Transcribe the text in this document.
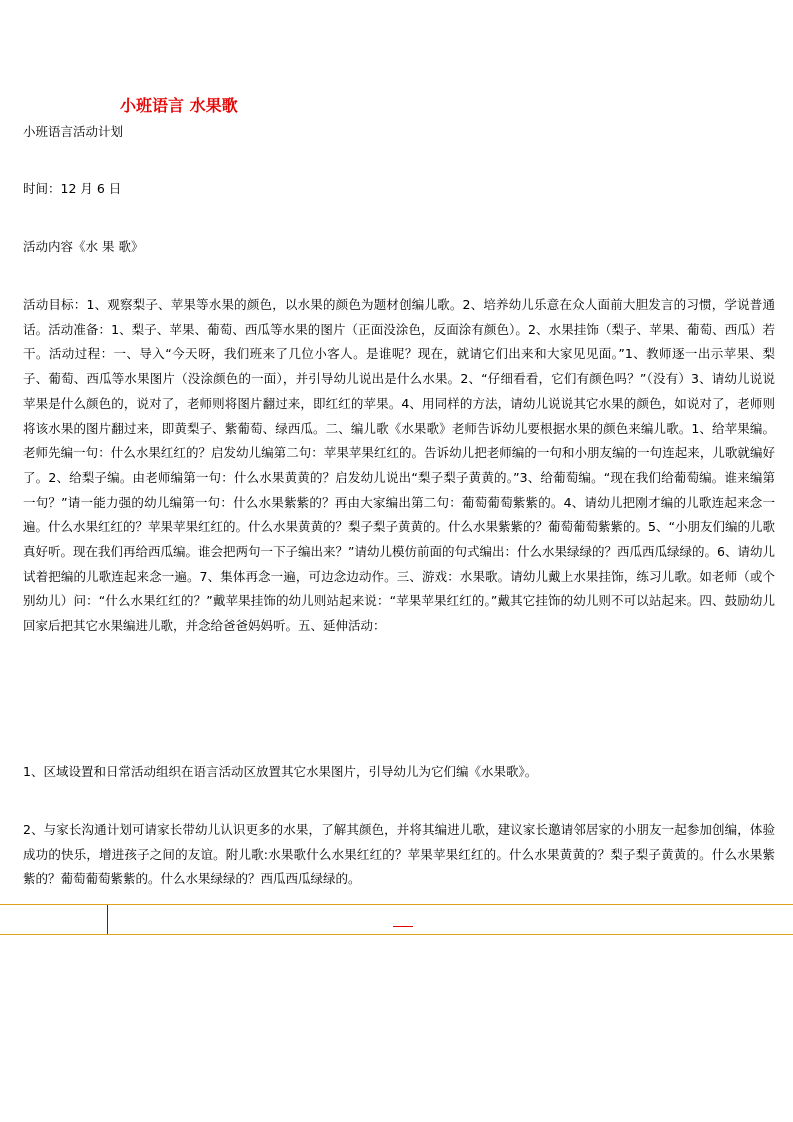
小班语言 水果歌
小班语言活动计划
时间：12 月 6 日
活动内容《水 果 歌》
活动目标：1、观察梨子、苹果等水果的颜色，以水果的颜色为题材创编儿歌。2、培养幼儿乐意在众人面前大胆发言的习惯，学说普通话。活动准备：1、梨子、苹果、葡萄、西瓜等水果的图片（正面没涂色，反面涂有颜色）。2、水果挂饰（梨子、苹果、葡萄、西瓜）若干。活动过程：一、导入“今天呀，我们班来了几位小客人。是谁呢？现在，就请它们出来和大家见见面。”1、教师逐一出示苹果、梨子、葡萄、西瓜等水果图片（没涂颜色的一面），并引导幼儿说出是什么水果。2、“仔细看看，它们有颜色吗？”（没有）3、请幼儿说说苹果是什么颜色的，说对了，老师则将图片翻过来，即红红的苹果。4、用同样的方法，请幼儿说说其它水果的颜色，如说对了，老师则将该水果的图片翻过来，即黄梨子、紫葡萄、绿西瓜。二、编儿歌《水果歌》老师告诉幼儿要根据水果的颜色来编儿歌。1、给苹果编。老师先编一句：什么水果红红的？启发幼儿编第二句：苹果苹果红红的。告诉幼儿把老师编的一句和小朋友编的一句连起来，儿歌就编好了。2、给梨子编。由老师编第一句：什么水果黄黄的？启发幼儿说出“梨子梨子黄黄的。”3、给葡萄编。“现在我们给葡萄编。谁来编第一句？”请一能力强的幼儿编第一句：什么水果紫紫的？再由大家编出第二句：葡萄葡萄紫紫的。4、请幼儿把刚才编的儿歌连起来念一遍。什么水果红红的？苹果苹果红红的。什么水果黄黄的？梨子梨子黄黄的。什么水果紫紫的？葡萄葡萄紫紫的。5、“小朋友们编的儿歌真好听。现在我们再给西瓜编。谁会把两句一下子编出来？”请幼儿模仿前面的句式编出：什么水果绿绿的？西瓜西瓜绿绿的。6、请幼儿试着把编的儿歌连起来念一遍。7、集体再念一遍，可边念边动作。三、游戏：水果歌。请幼儿戴上水果挂饰，练习儿歌。如老师（或个别幼儿）问：“什么水果红红的？”戴苹果挂饰的幼儿则站起来说：“苹果苹果红红的。”戴其它挂饰的幼儿则不可以站起来。四、鼓励幼儿回家后把其它水果编进儿歌，并念给爸爸妈妈听。五、延伸活动：
1、区域设置和日常活动组织在语言活动区放置其它水果图片，引导幼儿为它们编《水果歌》。
2、与家长沟通计划可请家长带幼儿认识更多的水果，了解其颜色，并将其编进儿歌，建议家长邀请邻居家的小朋友一起参加创编，体验成功的快乐，增进孩子之间的友谊。附儿歌:水果歌什么水果红红的？苹果苹果红红的。什么水果黄黄的？梨子梨子黄黄的。什么水果紫紫的？葡萄葡萄紫紫的。什么水果绿绿的？西瓜西瓜绿绿的。
